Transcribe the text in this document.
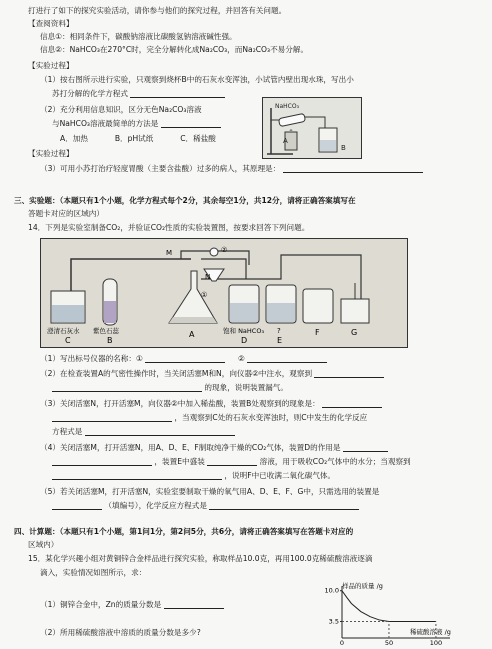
打进行了如下的探究实验活动，请你参与他们的探究过程，并回答有关问题。
【查阅资料】
信息①：相同条件下，碳酸钠溶液比碳酸氢钠溶液碱性强。
信息②：NaHCO₃在270°C时，完全分解转化成Na₂CO₃，而Na₂CO₃不易分解。
【实验过程】
（1）按右图所示进行实验，只观察到烧杯B中的石灰水变浑浊，小试管内壁出现水珠，写出小
苏打分解的化学方程式
（2）充分利用信息知识，区分无色Na₂CO₃溶液
与NaHCO₃溶液最简单的方法是
A．加热	B．pH试纸	C．稀盐酸
【实验过程】
（3）可用小苏打治疗轻度胃酸（主要含盐酸）过多的病人，其原理是：
NaHCO₃
A
B
三、实验题：（本题只有1个小题，化学方程式每个2分，其余每空1分，共12分，请将正确答案填写在
答题卡对应的区域内）
14．下列是实验室制备CO₂，并验证CO₂性质的实验装置图，按要求回答下列问题。
M
N
②
①
澄清石灰水 紫色石蕊	饱和 NaHCO₃ ?
A
B
C	D	E
F	G
（1）写出标号仪器的名称：①	②
（2）在检查装置A的气密性操作时，当关闭活塞M和N，向仪器②中注水，观察到
的现象，说明装置漏气。
（3）关闭活塞N，打开活塞M，向仪器②中加入稀盐酸，装置B处观察到的现象是：
，当观察到C处的石灰水变浑浊时，则C中发生的化学反应
方程式是
（4）关闭活塞M，打开活塞N，用A、D、E、F制取纯净干燥的CO₂气体，装置D的作用是
，装置E中盛装	溶液，用于吸收CO₂气体中的水分；当观察到
，说明F中已收满二氧化碳气体。
（5）若关闭活塞M，打开活塞N，实验室要制取干燥的氧气用A、D、E、F、G中，只需选用的装置是
（填编号），化学反应方程式是
四、计算题：（本题只有1个小题，第1问1分，第2问5分，共6分，请将正确答案填写在答题卡对应的
区域内）
15．某化学兴趣小组对黄铜锌合金样品进行探究实验，称取样品10.0克，再用100.0克稀硫酸溶液逐滴
滴入，实验情况如图所示，求：
（1）铜锌合金中，Zn的质量分数是
（2）所用稀硫酸溶液中溶质的质量分数是多少?
样品的质量 /g
稀硫酸溶液 /g
10.0
3.5
0	50	100
